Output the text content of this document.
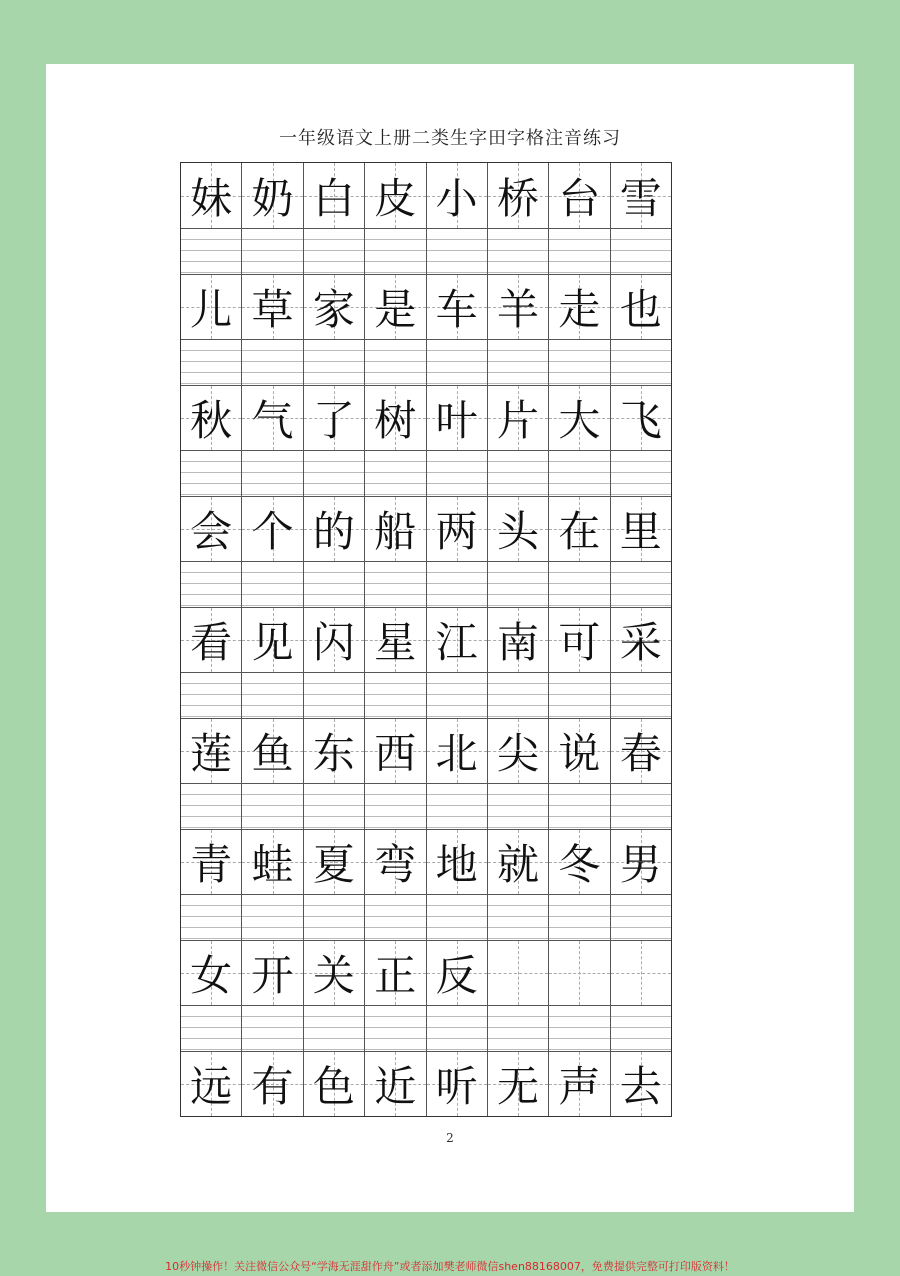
一年级语文上册二类生字田字格注音练习
妹 奶 白 皮 小 桥 台 雪
儿 草 家 是 车 羊 走 也
秋 气 了 树 叶 片 大 飞
会 个 的 船 两 头 在 里
看 见 闪 星 江 南 可 采
莲 鱼 东 西 北 尖 说 春
青 蛙 夏 弯 地 就 冬 男
女 开 关 正 反
远 有 色 近 听 无 声 去
2
10秒钟操作！关注微信公众号“学海无涯甜作舟”或者添加樊老师微信shen88168007，免费提供完整可打印版资料！
